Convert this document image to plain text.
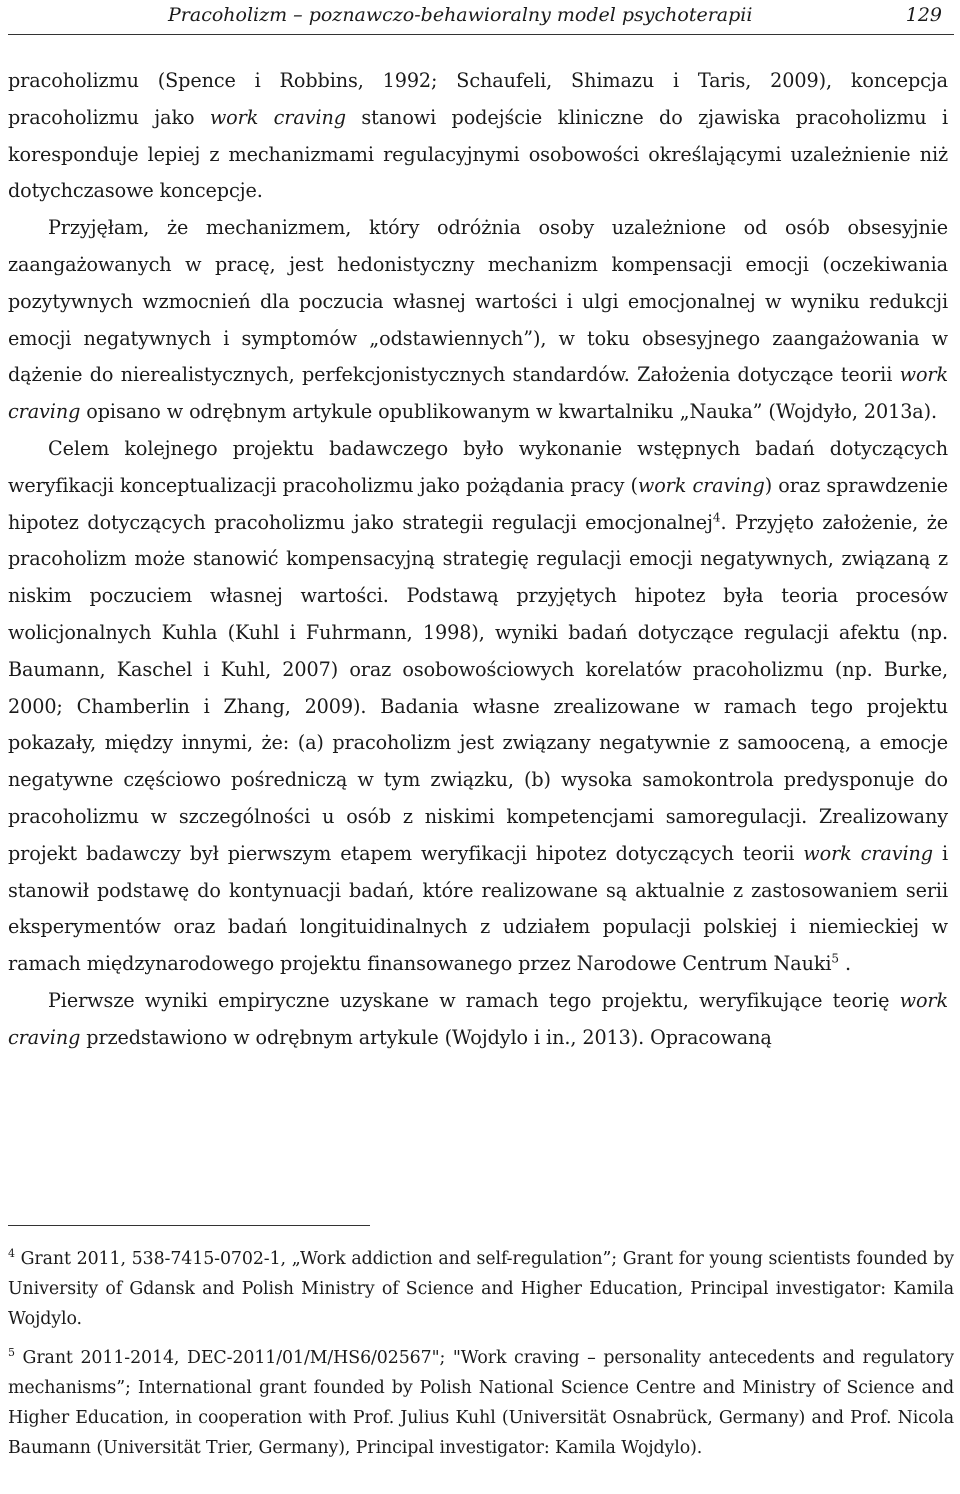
Pracoholizm – poznawczo-behawioralny model psychoterapii	129

pracoholizmu (Spence i Robbins, 1992; Schaufeli, Shimazu i Taris, 2009), koncepcja pracoholizmu jako work craving stanowi podejście kliniczne do zjawiska pracoholizmu i koresponduje lepiej z mechanizmami regulacyjnymi osobowości określającymi uzależnienie niż dotychczasowe koncepcje.

Przyjęłam, że mechanizmem, który odróżnia osoby uzależnione od osób obsesyjnie zaangażowanych w pracę, jest hedonistyczny mechanizm kompensacji emocji (oczekiwania pozytywnych wzmocnień dla poczucia własnej wartości i ulgi emocjonalnej w wyniku redukcji emocji negatywnych i symptomów „odstawiennych”), w toku obsesyjnego zaangażowania w dążenie do nierealistycznych, perfekcjonistycznych standardów. Założenia dotyczące teorii work craving opisano w odrębnym artykule opublikowanym w kwartalniku „Nauka” (Wojdyło, 2013a).

Celem kolejnego projektu badawczego było wykonanie wstępnych badań dotyczących weryfikacji konceptualizacji pracoholizmu jako pożądania pracy (work craving) oraz sprawdzenie hipotez dotyczących pracoholizmu jako strategii regulacji emocjonalnej$^4$. Przyjęto założenie, że pracoholizm może stanowić kompensacyjną strategię regulacji emocji negatywnych, związaną z niskim poczuciem własnej wartości. Podstawą przyjętych hipotez była teoria procesów wolicjonalnych Kuhla (Kuhl i Fuhrmann, 1998), wyniki badań dotyczące regulacji afektu (np. Baumann, Kaschel i Kuhl, 2007) oraz osobowościowych korelatów pracoholizmu (np. Burke, 2000; Chamberlin i Zhang, 2009). Badania własne zrealizowane w ramach tego projektu pokazały, między innymi, że: (a) pracoholizm jest związany negatywnie z samooceną, a emocje negatywne częściowo pośredniczą w tym związku, (b) wysoka samokontrola predysponuje do pracoholizmu w szczególności u osób z niskimi kompetencjami samoregulacji. Zrealizowany projekt badawczy był pierwszym etapem weryfikacji hipotez dotyczących teorii work craving i stanowił podstawę do kontynuacji badań, które realizowane są aktualnie z zastosowaniem serii eksperymentów oraz badań longituidinalnych z udziałem populacji polskiej i niemieckiej w ramach międzynarodowego projektu finansowanego przez Narodowe Centrum Nauki$^5$ .

Pierwsze wyniki empiryczne uzyskane w ramach tego projektu, weryfikujące teorię work craving przedstawiono w odrębnym artykule (Wojdylo i in., 2013). Opracowaną

$^4$ Grant 2011, 538-7415-0702-1, „Work addiction and self-regulation”; Grant for young scientists founded by University of Gdansk and Polish Ministry of Science and Higher Education, Principal investigator: Kamila Wojdylo.

$^5$ Grant 2011-2014, DEC-2011/01/M/HS6/02567"; "Work craving – personality antecedents and regulatory mechanisms”; International grant founded by Polish National Science Centre and Ministry of Science and Higher Education, in cooperation with Prof. Julius Kuhl (Universität Osnabrück, Germany) and Prof. Nicola Baumann (Universität Trier, Germany), Principal investigator: Kamila Wojdylo).
